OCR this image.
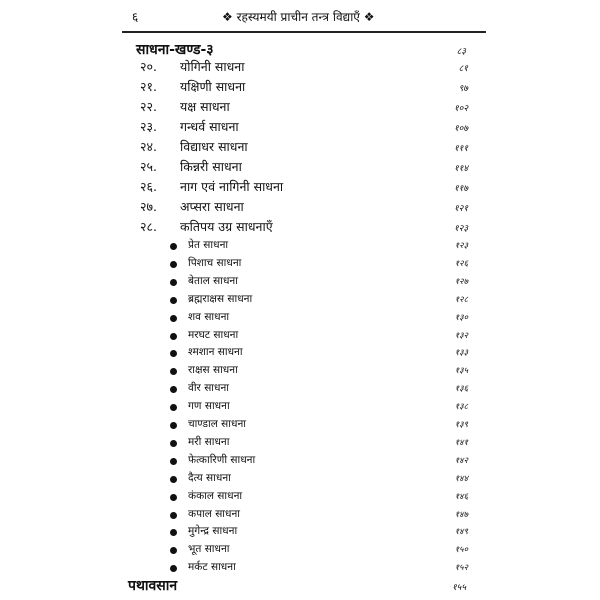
६	❖ रहस्यमयी प्राचीन तन्त्र विद्याएँ ❖
साधना-खण्ड-३	८३
२०. योगिनी साधना	८१
२१. यक्षिणी साधना	९७
२२. यक्ष साधना	१०२
२३. गन्धर्व साधना	१०७
२४. विद्याधर साधना	१११
२५. किन्नरी साधना	११४
२६. नाग एवं नागिनी साधना	११७
२७. अप्सरा साधना	१२१
२८. कतिपय उग्र साधनाएँ	१२३
प्रेत साधना	१२३
पिशाच साधना	१२६
बेताल साधना	१२७
ब्रह्मराक्षस साधना	१२८
शव साधना	१३०
मरघट साधना	१३२
श्मशान साधना	१३३
राक्षस साधना	१३५
वीर साधना	१३६
गण साधना	१३८
चाण्डाल साधना	१३९
मरी साधना	१४१
फेत्कारिणी साधना	१४२
दैत्य साधना	१४४
कंकाल साधना	१४६
कपाल साधना	१४७
मुगेन्द्र साधना	१४९
भूत साधना	१५०
मर्कट साधना	१५२
पथावसान	१५५
